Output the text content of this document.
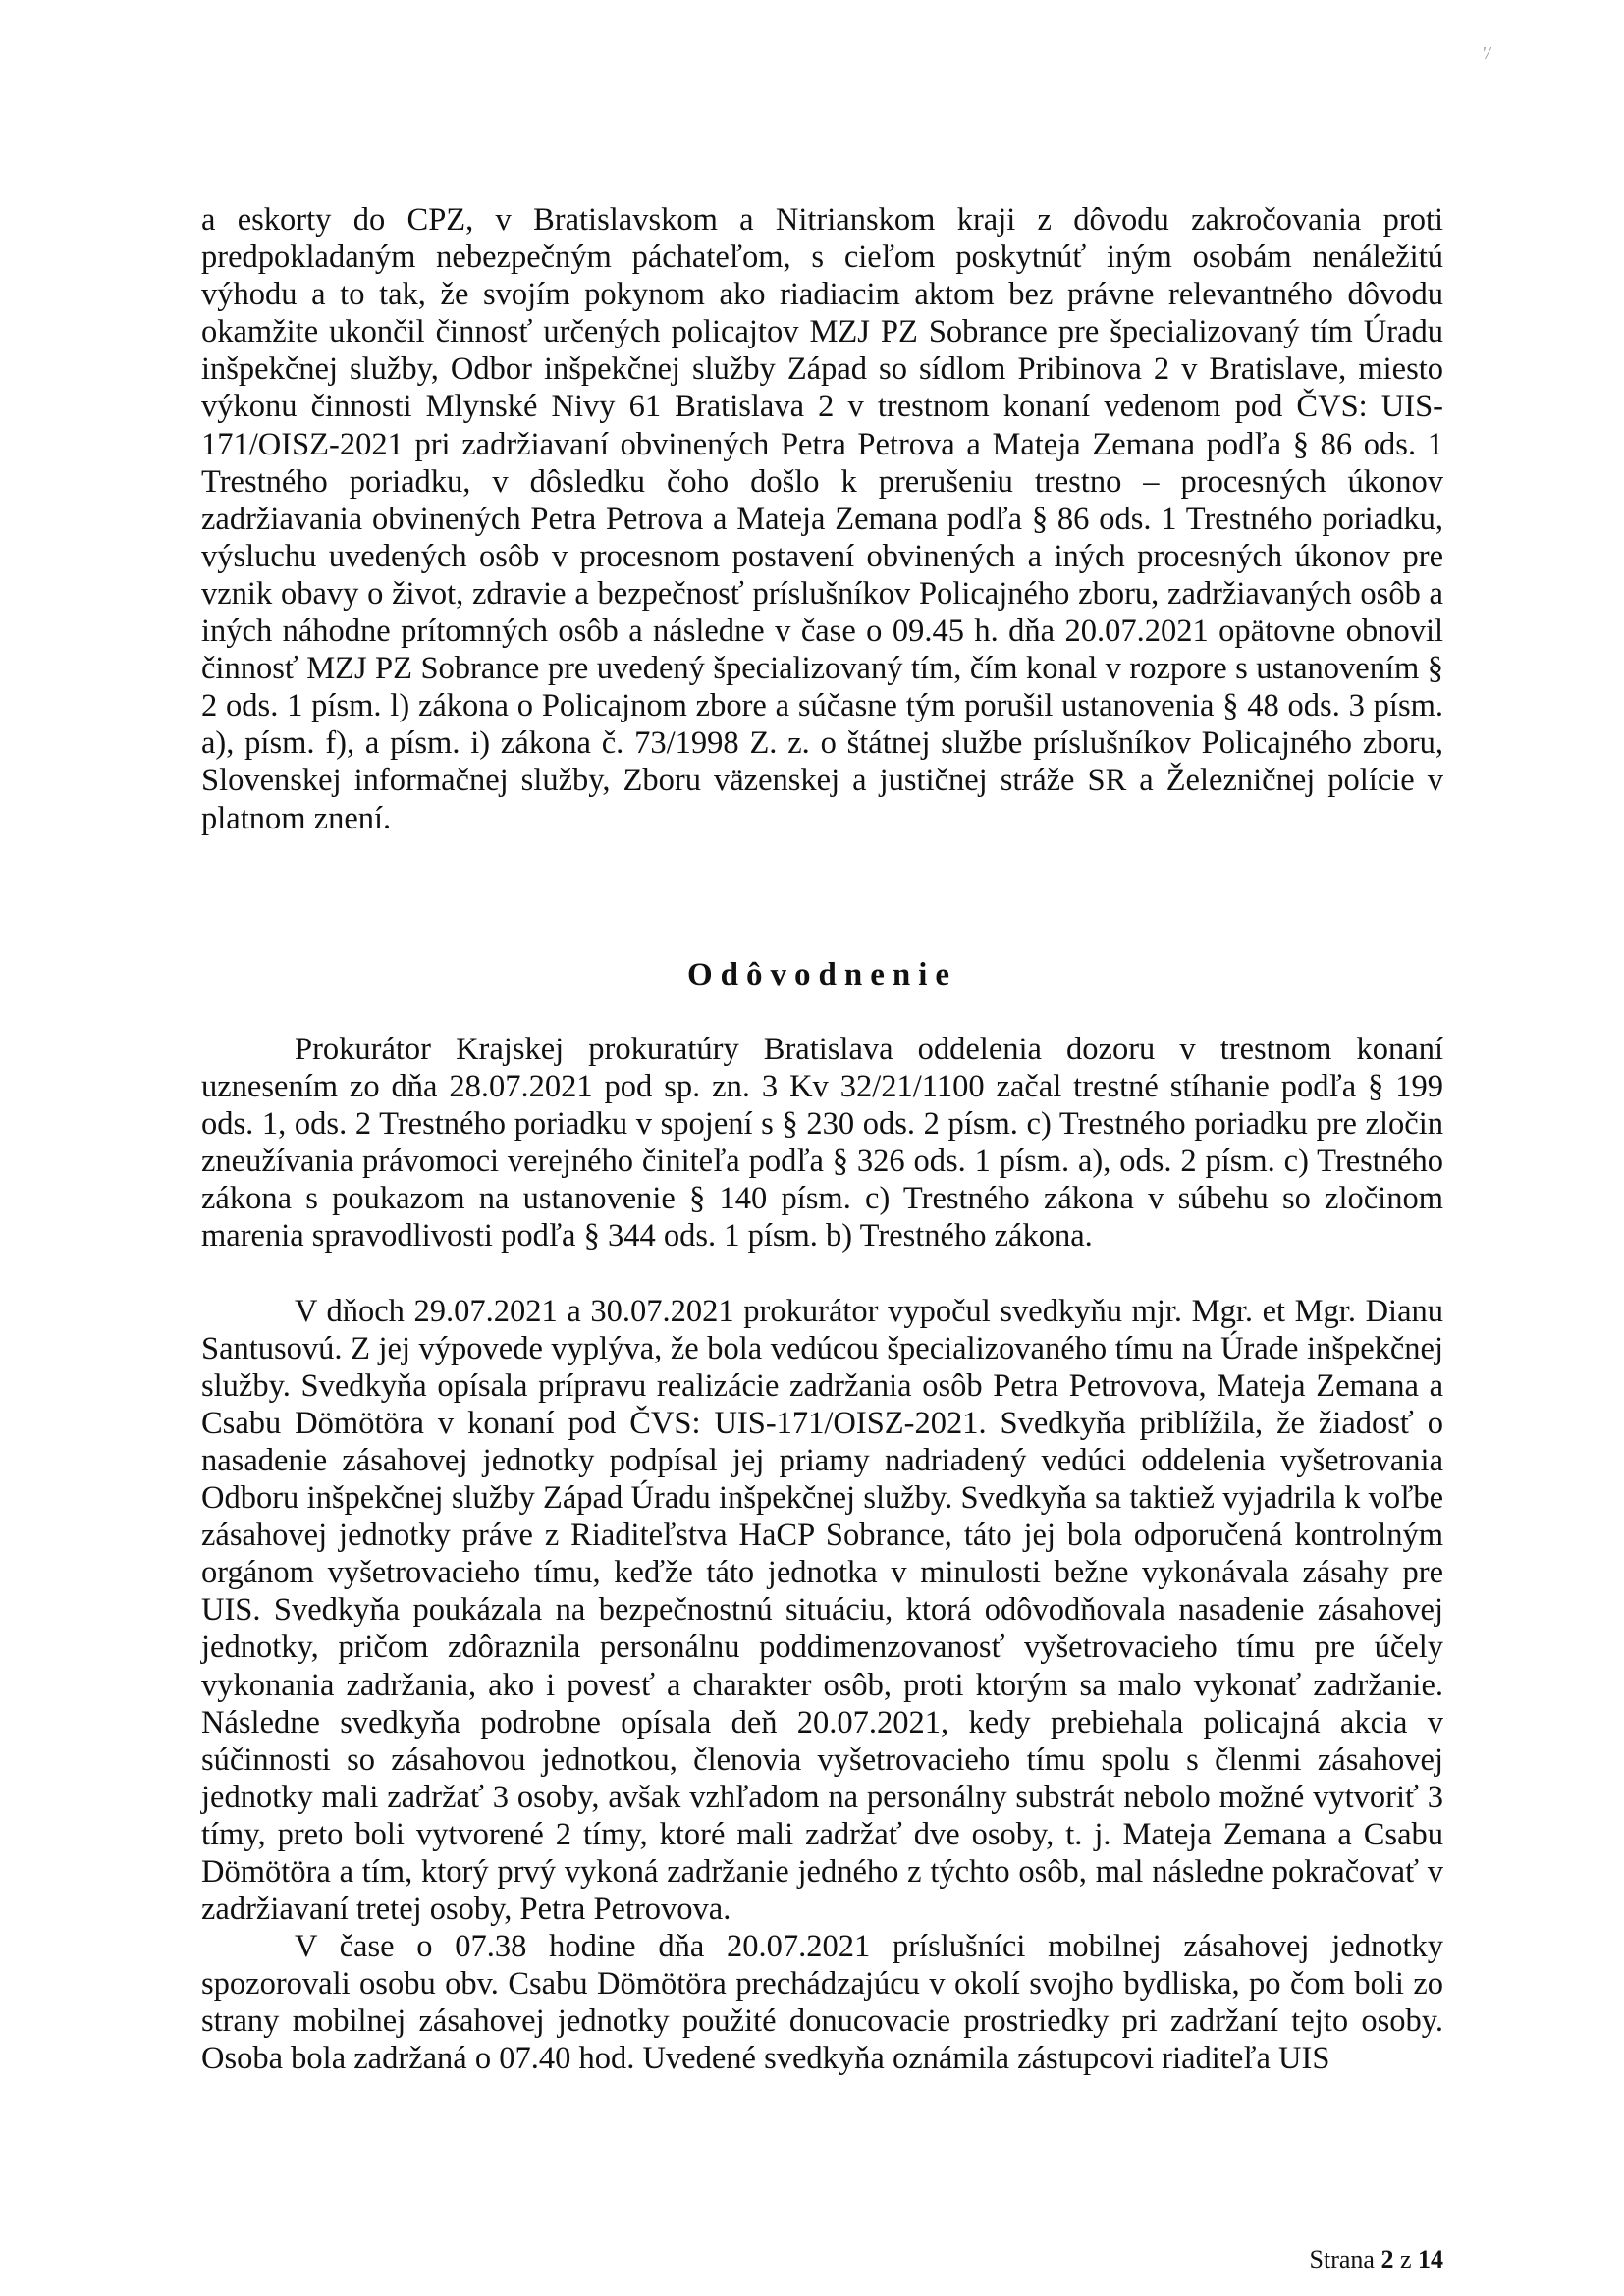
'/

a eskorty do CPZ, v Bratislavskom a Nitrianskom kraji z dôvodu zakročovania proti predpokladaným nebezpečným páchateľom, s cieľom poskytnúť iným osobám nenáležitú výhodu a to tak, že svojím pokynom ako riadiacim aktom bez právne relevantného dôvodu okamžite ukončil činnosť určených policajtov MZJ PZ Sobrance pre špecializovaný tím Úradu inšpekčnej služby, Odbor inšpekčnej služby Západ so sídlom Pribinova 2 v Bratislave, miesto výkonu činnosti Mlynské Nivy 61 Bratislava 2 v trestnom konaní vedenom pod ČVS: UIS-171/OISZ-2021 pri zadržiavaní obvinených Petra Petrova a Mateja Zemana podľa § 86 ods. 1 Trestného poriadku, v dôsledku čoho došlo k prerušeniu trestno – procesných úkonov zadržiavania obvinených Petra Petrova a Mateja Zemana podľa § 86 ods. 1 Trestného poriadku, výsluchu uvedených osôb v procesnom postavení obvinených a iných procesných úkonov pre vznik obavy o život, zdravie a bezpečnosť príslušníkov Policajného zboru, zadržiavaných osôb a iných náhodne prítomných osôb a následne v čase o 09.45 h. dňa 20.07.2021 opätovne obnovil činnosť MZJ PZ Sobrance pre uvedený špecializovaný tím, čím konal v rozpore s ustanovením § 2 ods. 1 písm. l) zákona o Policajnom zbore a súčasne tým porušil ustanovenia § 48 ods. 3 písm. a), písm. f), a písm. i) zákona č. 73/1998 Z. z. o štátnej službe príslušníkov Policajného zboru, Slovenskej informačnej služby, Zboru väzenskej a justičnej stráže SR a Železničnej polície v platnom znení.

Odôvodnenie

Prokurátor Krajskej prokuratúry Bratislava oddelenia dozoru v trestnom konaní uznesením zo dňa 28.07.2021 pod sp. zn. 3 Kv 32/21/1100 začal trestné stíhanie podľa § 199 ods. 1, ods. 2 Trestného poriadku v spojení s § 230 ods. 2 písm. c) Trestného poriadku pre zločin zneužívania právomoci verejného činiteľa podľa § 326 ods. 1 písm. a), ods. 2 písm. c) Trestného zákona s poukazom na ustanovenie § 140 písm. c) Trestného zákona v súbehu so zločinom marenia spravodlivosti podľa § 344 ods. 1 písm. b) Trestného zákona.

V dňoch 29.07.2021 a 30.07.2021 prokurátor vypočul svedkyňu mjr. Mgr. et Mgr. Dianu Santusovú. Z jej výpovede vyplýva, že bola vedúcou špecializovaného tímu na Úrade inšpekčnej služby. Svedkyňa opísala prípravu realizácie zadržania osôb Petra Petrovova, Mateja Zemana a Csabu Dömötöra v konaní pod ČVS: UIS-171/OISZ-2021. Svedkyňa priblížila, že žiadosť o nasadenie zásahovej jednotky podpísal jej priamy nadriadený vedúci oddelenia vyšetrovania Odboru inšpekčnej služby Západ Úradu inšpekčnej služby. Svedkyňa sa taktiež vyjadrila k voľbe zásahovej jednotky práve z Riaditeľstva HaCP Sobrance, táto jej bola odporučená kontrolným orgánom vyšetrovacieho tímu, keďže táto jednotka v minulosti bežne vykonávala zásahy pre UIS. Svedkyňa poukázala na bezpečnostnú situáciu, ktorá odôvodňovala nasadenie zásahovej jednotky, pričom zdôraznila personálnu poddimenzovanosť vyšetrovacieho tímu pre účely vykonania zadržania, ako i povesť a charakter osôb, proti ktorým sa malo vykonať zadržanie. Následne svedkyňa podrobne opísala deň 20.07.2021, kedy prebiehala policajná akcia v súčinnosti so zásahovou jednotkou, členovia vyšetrovacieho tímu spolu s členmi zásahovej jednotky mali zadržať 3 osoby, avšak vzhľadom na personálny substrát nebolo možné vytvoriť 3 tímy, preto boli vytvorené 2 tímy, ktoré mali zadržať dve osoby, t. j. Mateja Zemana a Csabu Dömötöra a tím, ktorý prvý vykoná zadržanie jedného z týchto osôb, mal následne pokračovať v zadržiavaní tretej osoby, Petra Petrovova.

V čase o 07.38 hodine dňa 20.07.2021 príslušníci mobilnej zásahovej jednotky spozorovali osobu obv. Csabu Dömötöra prechádzajúcu v okolí svojho bydliska, po čom boli zo strany mobilnej zásahovej jednotky použité donucovacie prostriedky pri zadržaní tejto osoby. Osoba bola zadržaná o 07.40 hod. Uvedené svedkyňa oznámila zástupcovi riaditeľa UIS

Strana 2 z 14
